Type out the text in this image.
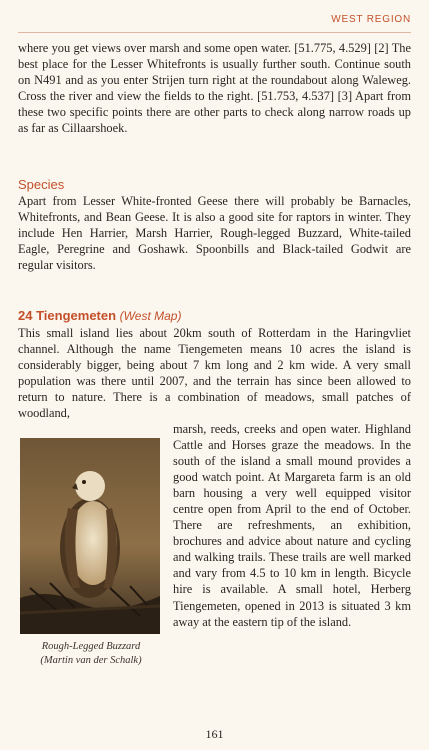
WEST REGION

where you get views over marsh and some open water. [51.775, 4.529] [2] The best place for the Lesser Whitefronts is usually further south. Continue south on N491 and as you enter Strijen turn right at the roundabout along Waleweg. Cross the river and view the fields to the right. [51.753, 4.537] [3] Apart from these two specific points there are other parts to check along narrow roads up as far as Cillaarshoek.

Species

Apart from Lesser White-fronted Geese there will probably be Barnacles, Whitefronts, and Bean Geese. It is also a good site for raptors in winter. They include Hen Harrier, Marsh Harrier, Rough-legged Buzzard, White-tailed Eagle, Peregrine and Goshawk. Spoonbills and Black-tailed Godwit are regular visitors.

24 Tiengemeten (West Map)

This small island lies about 20km south of Rotterdam in the Haringvliet channel. Although the name Tiengemeten means 10 acres the island is considerably bigger, being about 7 km long and 2 km wide. A very small population was there until 2007, and the terrain has since been allowed to return to nature. There is a combination of meadows, small patches of woodland,

Rough-Legged Buzzard
(Martin van der Schalk)

marsh, reeds, creeks and open water. Highland Cattle and Horses graze the meadows. In the south of the island a small mound provides a good watch point. At Margareta farm is an old barn housing a very well equipped visitor centre open from April to the end of October. There are refreshments, an exhibition, brochures and advice about nature and cycling and walking trails. These trails are well marked and vary from 4.5 to 10 km in length. Bicycle hire is available. A small hotel, Herberg Tiengemeten, opened in 2013 is situated 3 km away at the eastern tip of the island.

161
